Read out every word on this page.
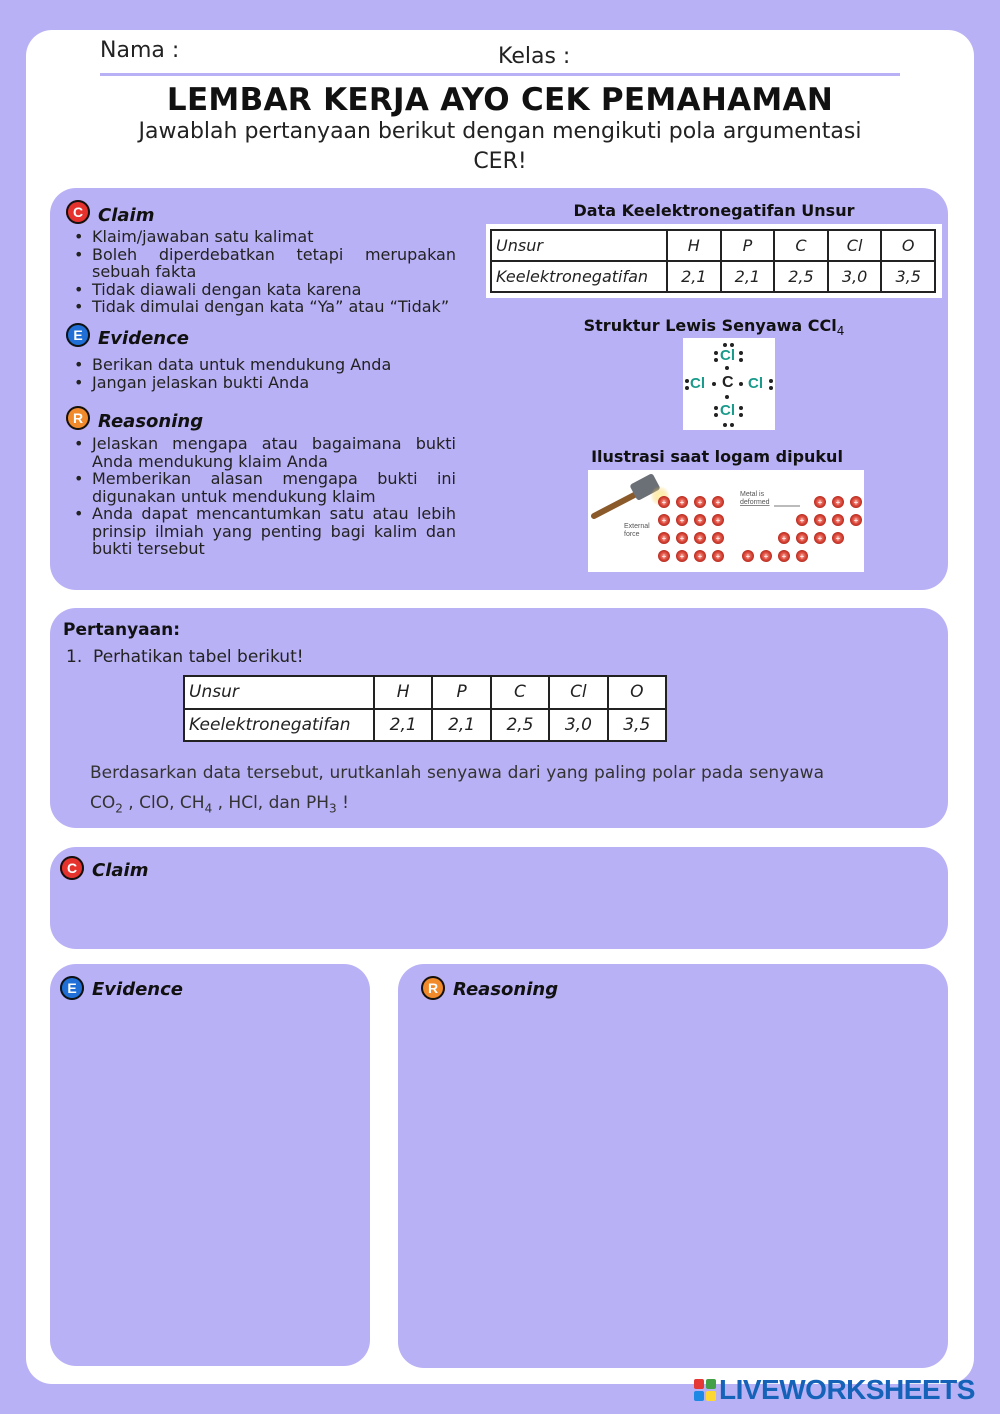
Nama :	Kelas :
LEMBAR KERJA AYO CEK PEMAHAMAN
Jawablah pertanyaan berikut dengan mengikuti pola argumentasi CER!
C Claim
• Klaim/jawaban satu kalimat
• Boleh diperdebatkan tetapi merupakan sebuah fakta
• Tidak diawali dengan kata karena
• Tidak dimulai dengan kata “Ya” atau “Tidak”
E Evidence
• Berikan data untuk mendukung Anda
• Jangan jelaskan bukti Anda
R Reasoning
• Jelaskan mengapa atau bagaimana bukti Anda mendukung klaim Anda
• Memberikan alasan mengapa bukti ini digunakan untuk mendukung klaim
• Anda dapat mencantumkan satu atau lebih prinsip ilmiah yang penting bagi kalim dan bukti tersebut
Data Keelektronegatifan Unsur
Unsur	H	P	C	Cl	O
Keelektronegatifan	2,1	2,1	2,5	3,0	3,5
Struktur Lewis Senyawa CCl$_4$
Cl
Cl C Cl
Cl
Ilustrasi saat logam dipukul
+ + + +
+ + + +
+ + + +
+ + + +
+ + +
+ + + +
+ + + +
+ + + +
External
force
Metal is
deformed
Pertanyaan:
1. Perhatikan tabel berikut!
Unsur	H	P	C	Cl	O
Keelektronegatifan	2,1	2,1	2,5	3,0	3,5
Berdasarkan data tersebut, urutkanlah senyawa dari yang paling polar pada senyawa $CO_2$ , ClO, $CH_4$ , HCl, dan $PH_3$ !
C Claim
E Evidence	R Reasoning
LIVEWORKSHEETS
